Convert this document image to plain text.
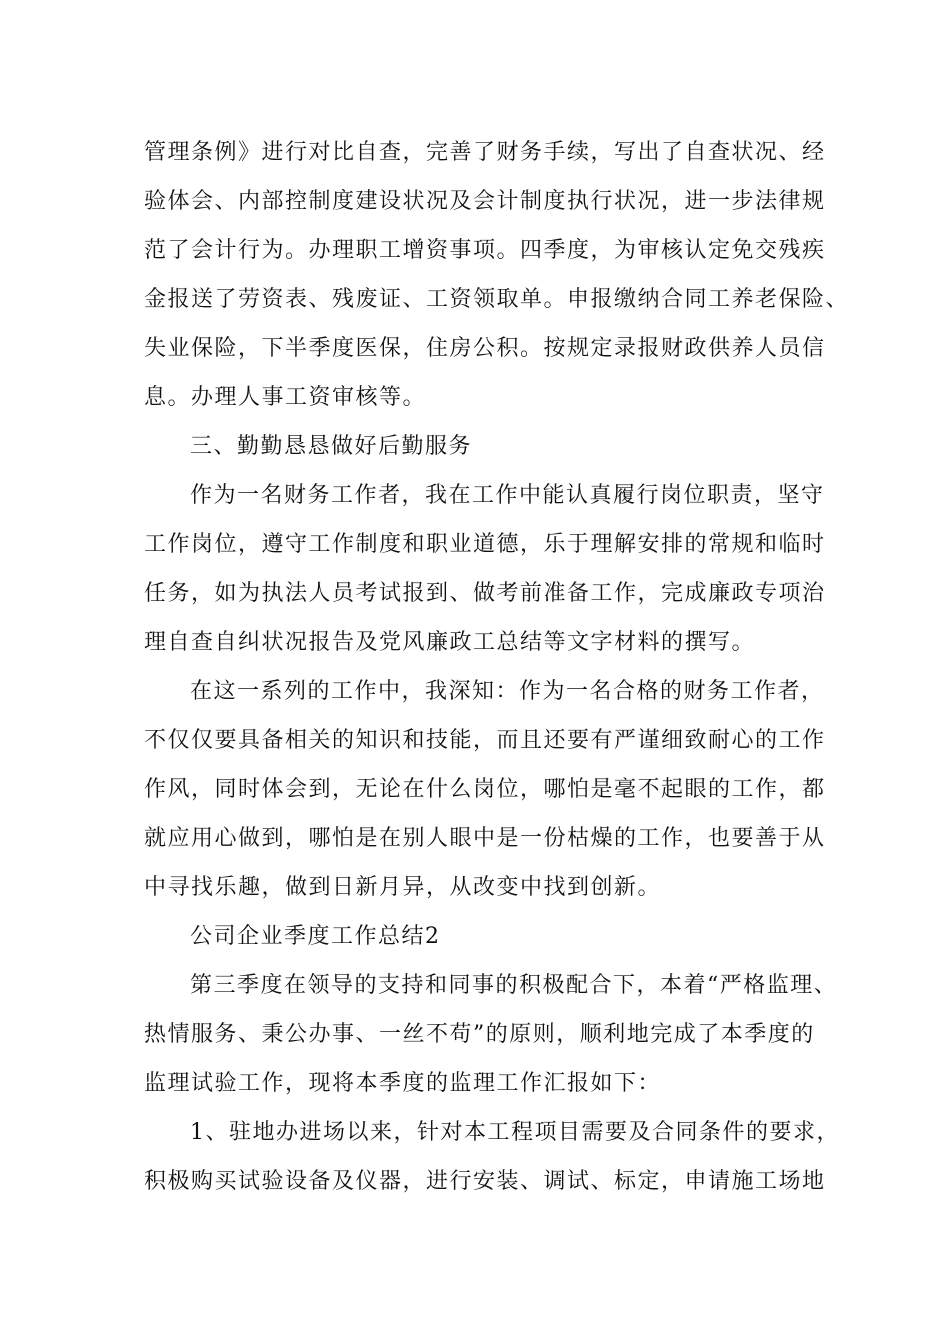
管理条例》进行对比自查，完善了财务手续，写出了自查状况、经
验体会、内部控制度建设状况及会计制度执行状况，进一步法律规
范了会计行为。办理职工增资事项。四季度，为审核认定免交残疾
金报送了劳资表、残废证、工资领取单。申报缴纳合同工养老保险、
失业保险，下半季度医保，住房公积。按规定录报财政供养人员信
息。办理人事工资审核等。
三、勤勤恳恳做好后勤服务
作为一名财务工作者，我在工作中能认真履行岗位职责，坚守
工作岗位，遵守工作制度和职业道德，乐于理解安排的常规和临时
任务，如为执法人员考试报到、做考前准备工作，完成廉政专项治
理自查自纠状况报告及党风廉政工总结等文字材料的撰写。
在这一系列的工作中，我深知：作为一名合格的财务工作者，
不仅仅要具备相关的知识和技能，而且还要有严谨细致耐心的工作
作风，同时体会到，无论在什么岗位，哪怕是毫不起眼的工作，都
就应用心做到，哪怕是在别人眼中是一份枯燥的工作，也要善于从
中寻找乐趣，做到日新月异，从改变中找到创新。
公司企业季度工作总结2
第三季度在领导的支持和同事的积极配合下，本着“严格监理、
热情服务、秉公办事、一丝不苟”的原则，顺利地完成了本季度的
监理试验工作，现将本季度的监理工作汇报如下：
1、驻地办进场以来，针对本工程项目需要及合同条件的要求，
积极购买试验设备及仪器，进行安装、调试、标定，申请施工场地
